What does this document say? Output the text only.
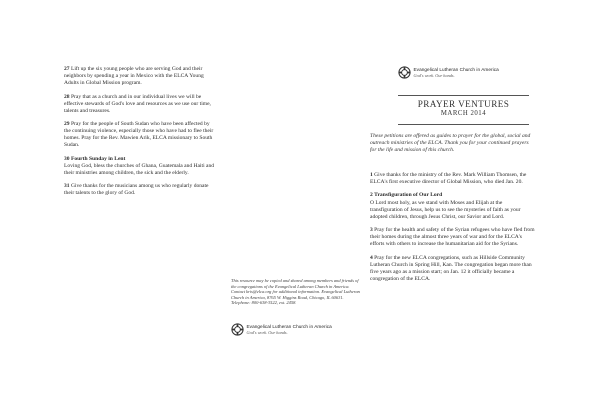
27 Lift up the six young people who are serving God and their neighbors by spending a year in Mexico with the ELCA Young Adults in Global Mission program.

28 Pray that as a church and in our individual lives we will be effective stewards of God's love and resources as we use our time, talents and treasures.

29 Pray for the people of South Sudan who have been affected by the continuing violence, especially those who have had to flee their homes. Pray for the Rev. Mawien Arik, ELCA missionary to South Sudan.

30 Fourth Sunday in Lent
Loving God, bless the churches of Ghana, Guatemala and Haiti and their ministries among children, the sick and the elderly.

31 Give thanks for the musicians among us who regularly donate their talents to the glory of God.

This resource may be copied and shared among members and friends of the congregations of the Evangelical Lutheran Church in America. Contact kris@elca.org for additional information. Evangelical Lutheran Church in America, 8765 W. Higgins Road, Chicago, IL 60631. Telephone: 800-638-3522, ext. 2458.
Evangelical Lutheran Church in America
God's work. Our hands.
Evangelical Lutheran Church in America
God's work. Our hands.
PRAYER VENTURES
MARCH 2014
These petitions are offered as guides to prayer for the global, social and outreach ministries of the ELCA. Thank you for your continued prayers for the life and mission of this church.

1 Give thanks for the ministry of the Rev. Mark William Thomsen, the ELCA's first executive director of Global Mission, who died Jan. 20.

2 Transfiguration of Our Lord
O Lord most holy, as we stand with Moses and Elijah at the transfiguration of Jesus, help us to see the mysteries of faith as your adopted children, through Jesus Christ, our Savior and Lord.

3 Pray for the health and safety of the Syrian refugees who have fled from their homes during the almost three years of war and for the ELCA's efforts with others to increase the humanitarian aid for the Syrians.

4 Pray for the new ELCA congregations, such as Hillside Community Lutheran Church in Spring Hill, Kan. The congregation began more than five years ago as a mission start; on Jan. 12 it officially became a congregation of the ELCA.
